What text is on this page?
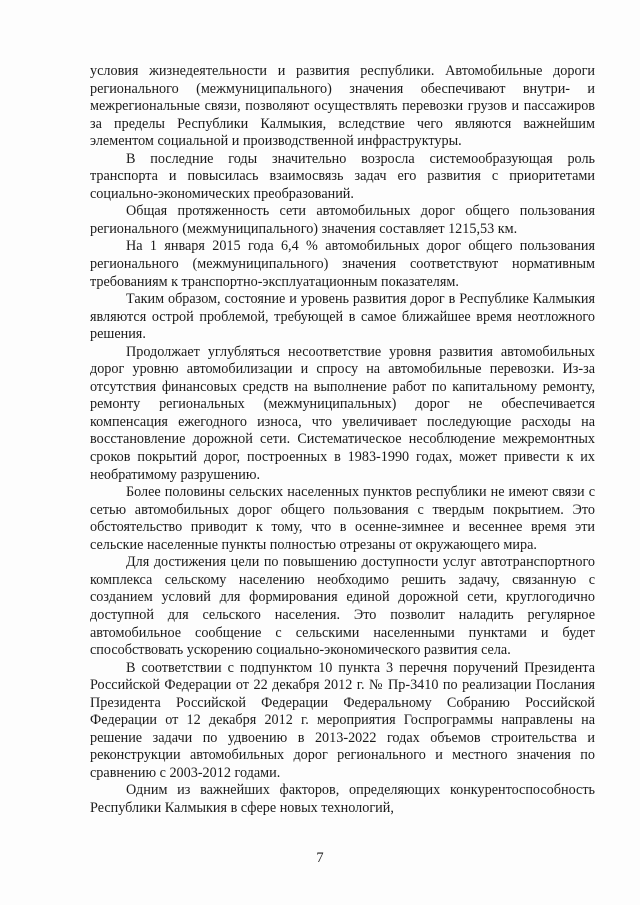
условия жизнедеятельности и развития республики. Автомобильные дороги регионального (межмуниципального) значения обеспечивают внутри- и межрегиональные связи, позволяют осуществлять перевозки грузов и пассажиров за пределы Республики Калмыкия, вследствие чего являются важнейшим элементом социальной и производственной инфраструктуры.

В последние годы значительно возросла системообразующая роль транспорта и повысилась взаимосвязь задач его развития с приоритетами социально-экономических преобразований.

Общая протяженность сети автомобильных дорог общего пользования регионального (межмуниципального) значения составляет 1215,53 км.

На 1 января 2015 года 6,4 % автомобильных дорог общего пользования регионального (межмуниципального) значения соответствуют нормативным требованиям к транспортно-эксплуатационным показателям.

Таким образом, состояние и уровень развития дорог в Республике Калмыкия являются острой проблемой, требующей в самое ближайшее время неотложного решения.

Продолжает углубляться несоответствие уровня развития автомобильных дорог уровню автомобилизации и спросу на автомобильные перевозки. Из-за отсутствия финансовых средств на выполнение работ по капитальному ремонту, ремонту региональных (межмуниципальных) дорог не обеспечивается компенсация ежегодного износа, что увеличивает последующие расходы на восстановление дорожной сети. Систематическое несоблюдение межремонтных сроков покрытий дорог, построенных в 1983-1990 годах, может привести к их необратимому разрушению.

Более половины сельских населенных пунктов республики не имеют связи с сетью автомобильных дорог общего пользования с твердым покрытием. Это обстоятельство приводит к тому, что в осенне-зимнее и весеннее время эти сельские населенные пункты полностью отрезаны от окружающего мира.

Для достижения цели по повышению доступности услуг автотранспортного комплекса сельскому населению необходимо решить задачу, связанную с созданием условий для формирования единой дорожной сети, круглогодично доступной для сельского населения. Это позволит наладить регулярное автомобильное сообщение с сельскими населенными пунктами и будет способствовать ускорению социально-экономического развития села.

В соответствии с подпунктом 10 пункта 3 перечня поручений Президента Российской Федерации от 22 декабря 2012 г. № Пр-3410 по реализации Послания Президента Российской Федерации Федеральному Собранию Российской Федерации от 12 декабря 2012 г. мероприятия Госпрограммы направлены на решение задачи по удвоению в 2013-2022 годах объемов строительства и реконструкции автомобильных дорог регионального и местного значения по сравнению с 2003-2012 годами.

Одним из важнейших факторов, определяющих конкурентоспособность Республики Калмыкия в сфере новых технологий,

7
